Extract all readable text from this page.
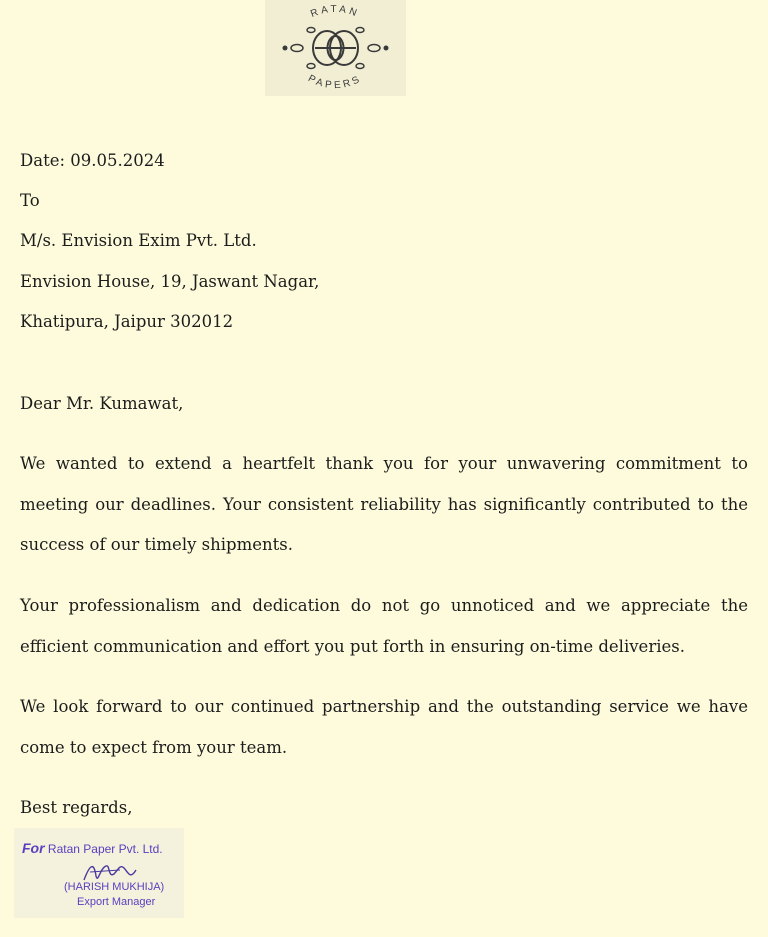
RATAN
PAPERS
Date: 09.05.2024
To
M/s. Envision Exim Pvt. Ltd.
Envision House, 19, Jaswant Nagar,
Khatipura, Jaipur 302012
Dear Mr. Kumawat,
We wanted to extend a heartfelt thank you for your unwavering commitment to meeting our deadlines. Your consistent reliability has significantly contributed to the success of our timely shipments.
Your professionalism and dedication do not go unnoticed and we appreciate the efficient communication and effort you put forth in ensuring on-time deliveries.
We look forward to our continued partnership and the outstanding service we have come to expect from your team.
Best regards,
For Ratan Paper Pvt. Ltd.
(HARISH MUKHIJA)
Export Manager
